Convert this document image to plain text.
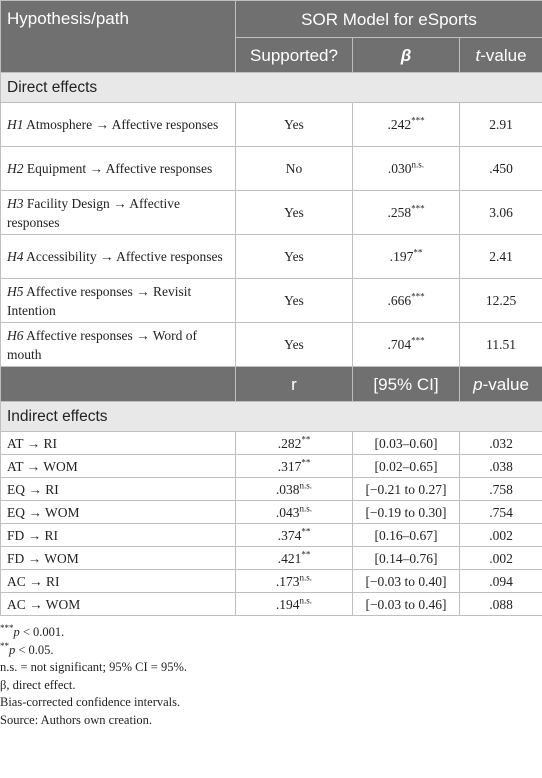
Hypothesis/path	SOR Model for eSports		
	Supported?	β	t-value
Direct effects			
H1 Atmosphere → Affective responses	Yes	.242***	2.91
H2 Equipment → Affective responses	No	$.030^{n.s.}$	.450
H3 Facility Design → Affective responses	Yes	.258***	3.06
H4 Accessibility → Affective responses	Yes	.197**	2.41
H5 Affective responses → Revisit Intention	Yes	.666***	12.25
H6 Affective responses → Word of mouth	Yes	.704***	11.51
	r	[95% CI]	p-value
Indirect effects			
AT → RI	.282**	[0.03–0.60]	.032
AT → WOM	.317**	[0.02–0.65]	.038
EQ → RI	$.038^{n.s.}$	[−0.21 to 0.27]	.758
EQ → WOM	$.043^{n.s.}$	[−0.19 to 0.30]	.754
FD → RI	.374**	[0.16–0.67]	.002
FD → WOM	.421**	[0.14–0.76]	.002
AC → RI	$.173^{n.s.}$	[−0.03 to 0.40]	.094
AC → WOM	$.194^{n.s.}$	[−0.03 to 0.46]	.088
***p < 0.001.
**p < 0.05.
n.s. = not significant; 95% CI = 95%.
β, direct effect.
Bias-corrected confidence intervals.
Source: Authors own creation.
